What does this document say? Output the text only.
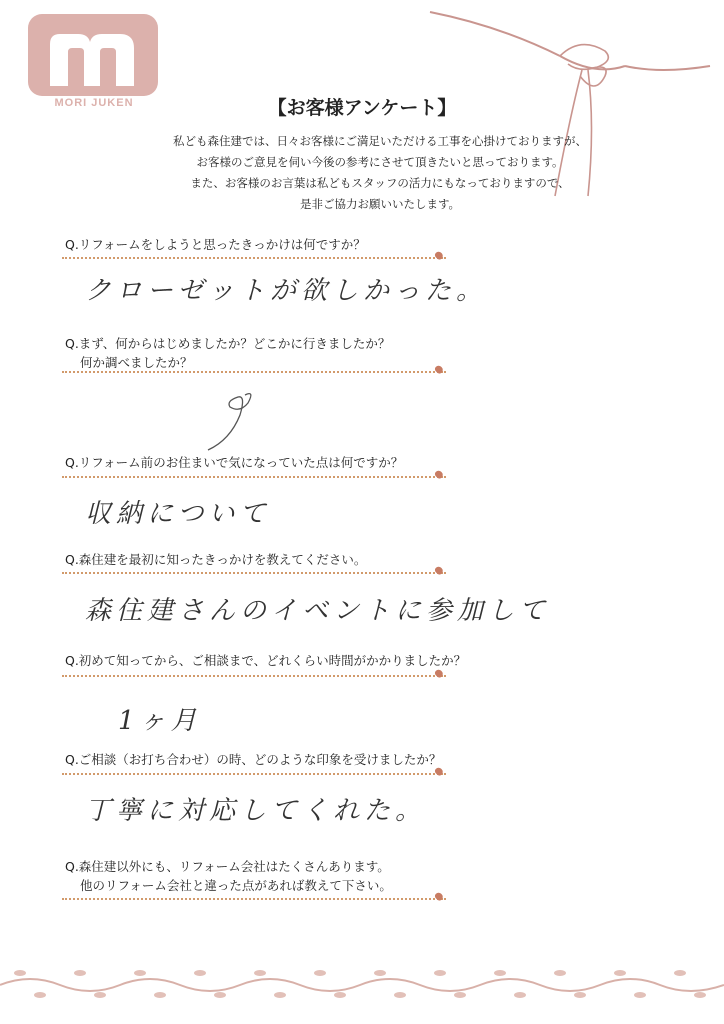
MORI JUKEN	【お客様アンケート】
私ども森住建では、日々お客様にご満足いただける工事を心掛けておりますが、
お客様のご意見を伺い今後の参考にさせて頂きたいと思っております。
また、お客様のお言葉は私どもスタッフの活力にもなっておりますので、
是非ご協力お願いいたします。
Q.リフォームをしようと思ったきっかけは何ですか？
クローゼットが欲しかった。
Q.まず、何からはじめましたか？どこかに行きましたか？
何か調べましたか？
Q.リフォーム前のお住まいで気になっていた点は何ですか？
収納について
Q.森住建を最初に知ったきっかけを教えてください。
森住建さんのイベントに参加して
Q.初めて知ってから、ご相談まで、どれくらい時間がかかりましたか？
1ヶ月
Q.ご相談（お打ち合わせ）の時、どのような印象を受けましたか？
丁寧に対応してくれた。
Q.森住建以外にも、リフォーム会社はたくさんあります。
他のリフォーム会社と違った点があれば教えて下さい。
